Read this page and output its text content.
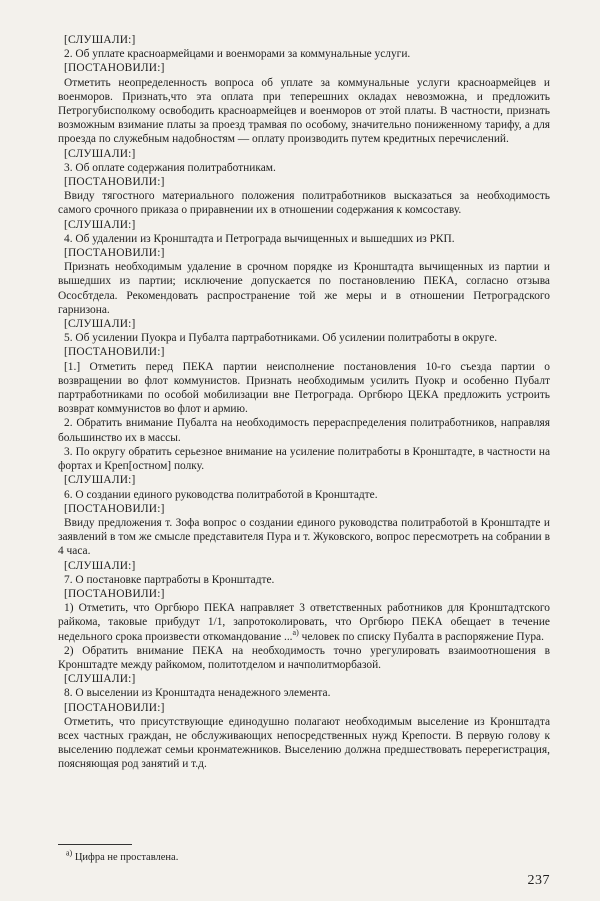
[СЛУШАЛИ:]
2. Об уплате красноармейцами и военморами за коммунальные услуги.
[ПОСТАНОВИЛИ:]
Отметить неопределенность вопроса об уплате за коммунальные услуги красноармейцев и военморов. Признать,что эта оплата при теперешних окладах невозможна, и предложить Петрогубисполкому освободить красноармейцев и военморов от этой платы. В частности, признать возможным взимание платы за проезд трамвая по особому, значительно пониженному тарифу, а для проезда по служебным надобностям — оплату производить путем кредитных перечислений.
[СЛУШАЛИ:]
3. Об оплате содержания политработникам.
[ПОСТАНОВИЛИ:]
Ввиду тягостного материального положения политработников высказаться за необходимость самого срочного приказа о приравнении их в отношении содержания к комсоставу.
[СЛУШАЛИ:]
4. Об удалении из Кронштадта и Петрограда вычищенных и вышедших из РКП.
[ПОСТАНОВИЛИ:]
Признать необходимым удаление в срочном порядке из Кронштадта вычищенных из партии и вышедших из партии; исключение допускается по постановлению ПЕКА, согласно отзыва Ососбтдела. Рекомендовать распространение той же меры и в отношении Петроградского гарнизона.
[СЛУШАЛИ:]
5. Об усилении Пуокра и Пубалта партработниками. Об усилении политработы в округе.
[ПОСТАНОВИЛИ:]
[1.] Отметить перед ПЕКА партии неисполнение постановления 10-го съезда партии о возвращении во флот коммунистов. Признать необходимым усилить Пуокр и особенно Пубалт партработниками по особой мобилизации вне Петрограда. Оргбюро ЦЕКА предложить устроить возврат коммунистов во флот и армию.
2. Обратить внимание Пубалта на необходимость перераспределения политработников, направляя большинство их в массы.
3. По округу обратить серьезное внимание на усиление политработы в Кронштадте, в частности на фортах и Креп[остном] полку.
[СЛУШАЛИ:]
6. О создании единого руководства политработой в Кронштадте.
[ПОСТАНОВИЛИ:]
Ввиду предложения т. Зофа вопрос о создании единого руководства политработой в Кронштадте и заявлений в том же смысле представителя Пура и т. Жуковского, вопрос пересмотреть на собрании в 4 часа.
[СЛУШАЛИ:]
7. О постановке партработы в Кронштадте.
[ПОСТАНОВИЛИ:]
1) Отметить, что Оргбюро ПЕКА направляет 3 ответственных работников для Кронштадтского райкома, таковые прибудут 1/1, запротоколировать, что Оргбюро ПЕКА обещает в течение недельного срока произвести откомандование ...$^{а)}$ человек по списку Пубалта в распоряжение Пура.
2) Обратить внимание ПЕКА на необходимость точно урегулировать взаимоотношения в Кронштадте между райкомом, политотделом и начполитморбазой.
[СЛУШАЛИ:]
8. О выселении из Кронштадта ненадежного элемента.
[ПОСТАНОВИЛИ:]
Отметить, что присутствующие единодушно полагают необходимым выселение из Кронштадта всех частных граждан, не обслуживающих непосредственных нужд Крепости. В первую голову к выселению подлежат семьи кронматежников. Выселению должна предшествовать перерегистрация, поясняющая род занятий и т.д.
$^{а)}$ Цифра не проставлена.
237
